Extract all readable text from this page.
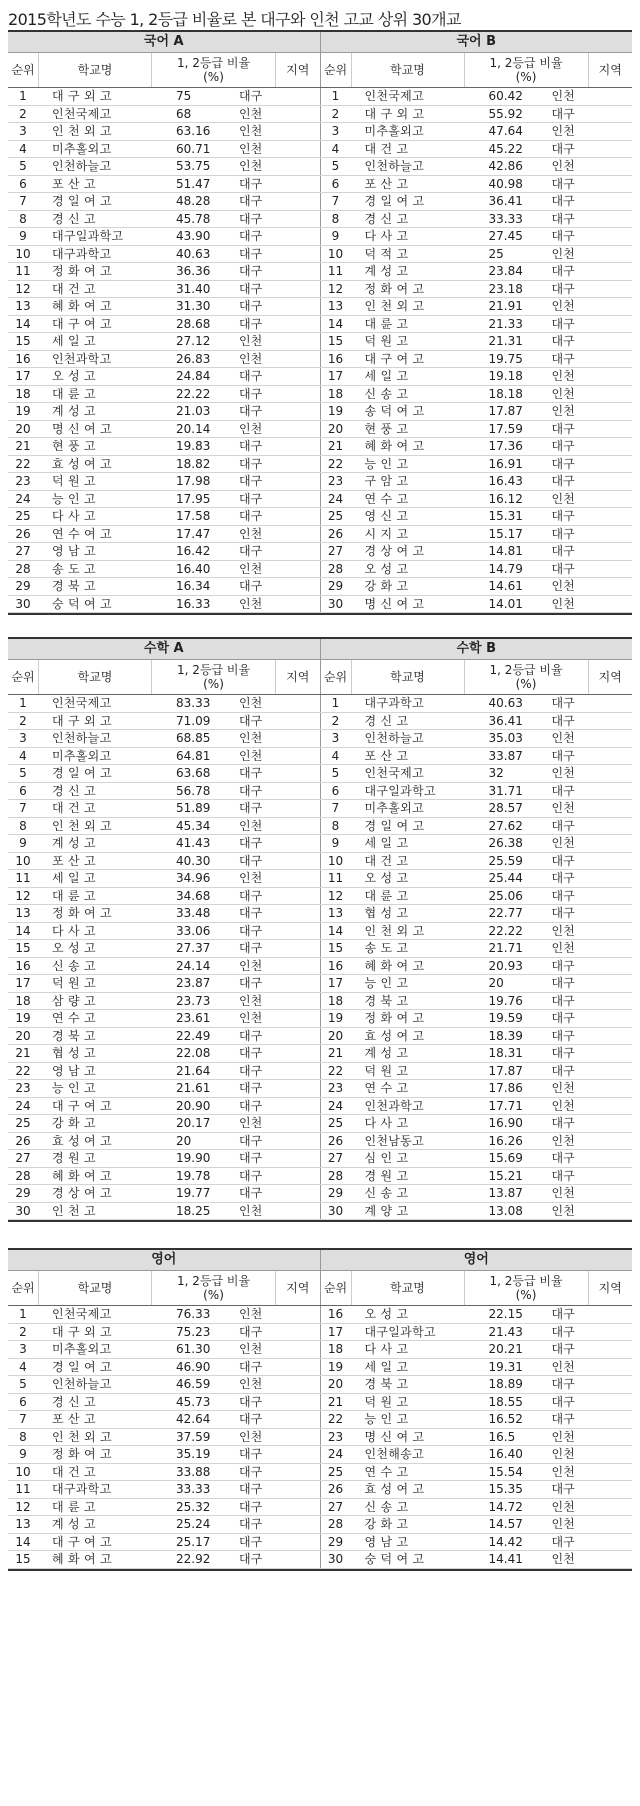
2015학년도 수능 1, 2등급 비율로 본 대구와 인천 고교 상위 30개교
국어 A	국어 B
순위	학교명	1, 2등급 비율(%)	지역	순위	학교명	1, 2등급 비율(%)	지역
1	대 구 외 고	75	대구	1	인천국제고	60.42	인천
2	인천국제고	68	인천	2	대 구 외 고	55.92	대구
3	인 천 외 고	63.16	인천	3	미추홀외고	47.64	인천
4	미추홀외고	60.71	인천	4	대 건 고	45.22	대구
5	인천하늘고	53.75	인천	5	인천하늘고	42.86	인천
6	포 산 고	51.47	대구	6	포 산 고	40.98	대구
7	경 일 여 고	48.28	대구	7	경 일 여 고	36.41	대구
8	경 신 고	45.78	대구	8	경 신 고	33.33	대구
9	대구일과학고	43.90	대구	9	다 사 고	27.45	대구
10	대구과학고	40.63	대구	10	덕 적 고	25	인천
11	정 화 여 고	36.36	대구	11	계 성 고	23.84	대구
12	대 건 고	31.40	대구	12	정 화 여 고	23.18	대구
13	혜 화 여 고	31.30	대구	13	인 천 외 고	21.91	인천
14	대 구 여 고	28.68	대구	14	대 륜 고	21.33	대구
15	세 일 고	27.12	인천	15	덕 원 고	21.31	대구
16	인천과학고	26.83	인천	16	대 구 여 고	19.75	대구
17	오 성 고	24.84	대구	17	세 일 고	19.18	인천
18	대 륜 고	22.22	대구	18	신 송 고	18.18	인천
19	계 성 고	21.03	대구	19	송 덕 여 고	17.87	인천
20	명 신 여 고	20.14	인천	20	현 풍 고	17.59	대구
21	현 풍 고	19.83	대구	21	혜 화 여 고	17.36	대구
22	효 성 여 고	18.82	대구	22	능 인 고	16.91	대구
23	덕 원 고	17.98	대구	23	구 암 고	16.43	대구
24	능 인 고	17.95	대구	24	연 수 고	16.12	인천
25	다 사 고	17.58	대구	25	영 신 고	15.31	대구
26	연 수 여 고	17.47	인천	26	시 지 고	15.17	대구
27	영 남 고	16.42	대구	27	경 상 여 고	14.81	대구
28	송 도 고	16.40	인천	28	오 성 고	14.79	대구
29	경 북 고	16.34	대구	29	강 화 고	14.61	인천
30	숭 덕 여 고	16.33	인천	30	명 신 여 고	14.01	인천
수학 A	수학 B
순위	학교명	1, 2등급 비율(%)	지역	순위	학교명	1, 2등급 비율(%)	지역
1	인천국제고	83.33	인천	1	대구과학고	40.63	대구
2	대 구 외 고	71.09	대구	2	경 신 고	36.41	대구
3	인천하늘고	68.85	인천	3	인천하늘고	35.03	인천
4	미추홀외고	64.81	인천	4	포 산 고	33.87	대구
5	경 일 여 고	63.68	대구	5	인천국제고	32	인천
6	경 신 고	56.78	대구	6	대구일과학고	31.71	대구
7	대 건 고	51.89	대구	7	미추홀외고	28.57	인천
8	인 천 외 고	45.34	인천	8	경 일 여 고	27.62	대구
9	계 성 고	41.43	대구	9	세 일 고	26.38	인천
10	포 산 고	40.30	대구	10	대 건 고	25.59	대구
11	세 일 고	34.96	인천	11	오 성 고	25.44	대구
12	대 륜 고	34.68	대구	12	대 륜 고	25.06	대구
13	정 화 여 고	33.48	대구	13	협 성 고	22.77	대구
14	다 사 고	33.06	대구	14	인 천 외 고	22.22	인천
15	오 성 고	27.37	대구	15	송 도 고	21.71	인천
16	신 송 고	24.14	인천	16	혜 화 여 고	20.93	대구
17	덕 원 고	23.87	대구	17	능 인 고	20	대구
18	삼 량 고	23.73	인천	18	경 북 고	19.76	대구
19	연 수 고	23.61	인천	19	정 화 여 고	19.59	대구
20	경 북 고	22.49	대구	20	효 성 여 고	18.39	대구
21	협 성 고	22.08	대구	21	계 성 고	18.31	대구
22	영 남 고	21.64	대구	22	덕 원 고	17.87	대구
23	능 인 고	21.61	대구	23	연 수 고	17.86	인천
24	대 구 여 고	20.90	대구	24	인천과학고	17.71	인천
25	강 화 고	20.17	인천	25	다 사 고	16.90	대구
26	효 성 여 고	20	대구	26	인천남동고	16.26	인천
27	경 원 고	19.90	대구	27	심 인 고	15.69	대구
28	혜 화 여 고	19.78	대구	28	경 원 고	15.21	대구
29	경 상 여 고	19.77	대구	29	신 송 고	13.87	인천
30	인 천 고	18.25	인천	30	계 양 고	13.08	인천
영어	영어
순위	학교명	1, 2등급 비율(%)	지역	순위	학교명	1, 2등급 비율(%)	지역
1	인천국제고	76.33	인천	16	오 성 고	22.15	대구
2	대 구 외 고	75.23	대구	17	대구일과학고	21.43	대구
3	미추홀외고	61.30	인천	18	다 사 고	20.21	대구
4	경 일 여 고	46.90	대구	19	세 일 고	19.31	인천
5	인천하늘고	46.59	인천	20	경 북 고	18.89	대구
6	경 신 고	45.73	대구	21	덕 원 고	18.55	대구
7	포 산 고	42.64	대구	22	능 인 고	16.52	대구
8	인 천 외 고	37.59	인천	23	명 신 여 고	16.5	인천
9	정 화 여 고	35.19	대구	24	인천해송고	16.40	인천
10	대 건 고	33.88	대구	25	연 수 고	15.54	인천
11	대구과학고	33.33	대구	26	효 성 여 고	15.35	대구
12	대 륜 고	25.32	대구	27	신 송 고	14.72	인천
13	계 성 고	25.24	대구	28	강 화 고	14.57	인천
14	대 구 여 고	25.17	대구	29	영 남 고	14.42	대구
15	혜 화 여 고	22.92	대구	30	숭 덕 여 고	14.41	인천
